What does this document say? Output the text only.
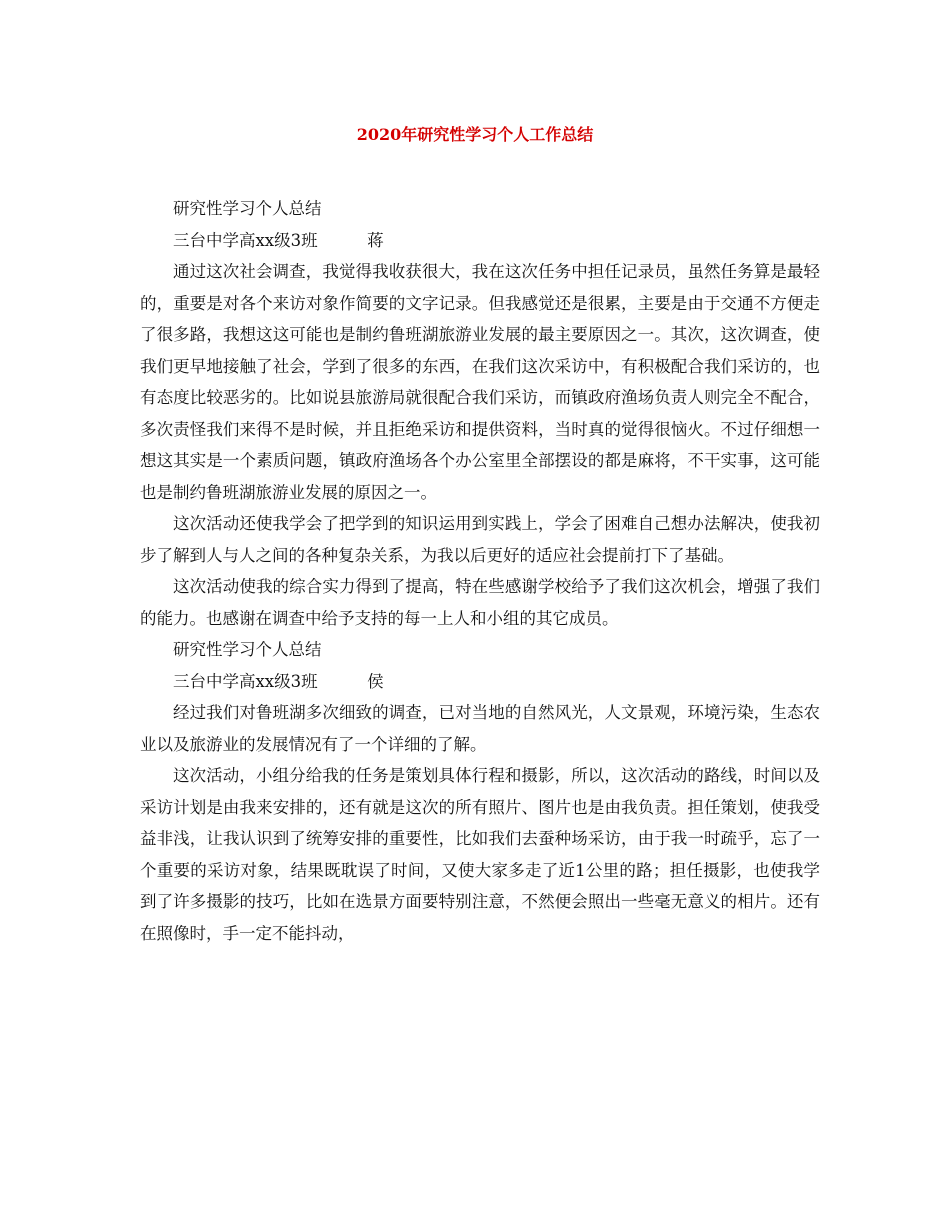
2020年研究性学习个人工作总结

研究性学习个人总结

三台中学高xx级3班　　　蒋

通过这次社会调查，我觉得我收获很大，我在这次任务中担任记录员，虽然任务算是最轻的，重要是对各个来访对象作简要的文字记录。但我感觉还是很累，主要是由于交通不方便走了很多路，我想这这可能也是制约鲁班湖旅游业发展的最主要原因之一。其次，这次调查，使我们更早地接触了社会，学到了很多的东西，在我们这次采访中，有积极配合我们采访的，也有态度比较恶劣的。比如说县旅游局就很配合我们采访，而镇政府渔场负责人则完全不配合，多次责怪我们来得不是时候，并且拒绝采访和提供资料，当时真的觉得很恼火。不过仔细想一想这其实是一个素质问题，镇政府渔场各个办公室里全部摆设的都是麻将，不干实事，这可能也是制约鲁班湖旅游业发展的原因之一。

这次活动还使我学会了把学到的知识运用到实践上，学会了困难自己想办法解决，使我初步了解到人与人之间的各种复杂关系，为我以后更好的适应社会提前打下了基础。

这次活动使我的综合实力得到了提高，特在些感谢学校给予了我们这次机会，增强了我们的能力。也感谢在调查中给予支持的每一上人和小组的其它成员。

研究性学习个人总结

三台中学高xx级3班　　　侯

经过我们对鲁班湖多次细致的调查，已对当地的自然风光，人文景观，环境污染，生态农业以及旅游业的发展情况有了一个详细的了解。

这次活动，小组分给我的任务是策划具体行程和摄影，所以，这次活动的路线，时间以及采访计划是由我来安排的，还有就是这次的所有照片、图片也是由我负责。担任策划，使我受益非浅，让我认识到了统筹安排的重要性，比如我们去蚕种场采访，由于我一时疏乎，忘了一个重要的采访对象，结果既耽误了时间，又使大家多走了近1公里的路；担任摄影，也使我学到了许多摄影的技巧，比如在选景方面要特别注意，不然便会照出一些毫无意义的相片。还有在照像时，手一定不能抖动，
